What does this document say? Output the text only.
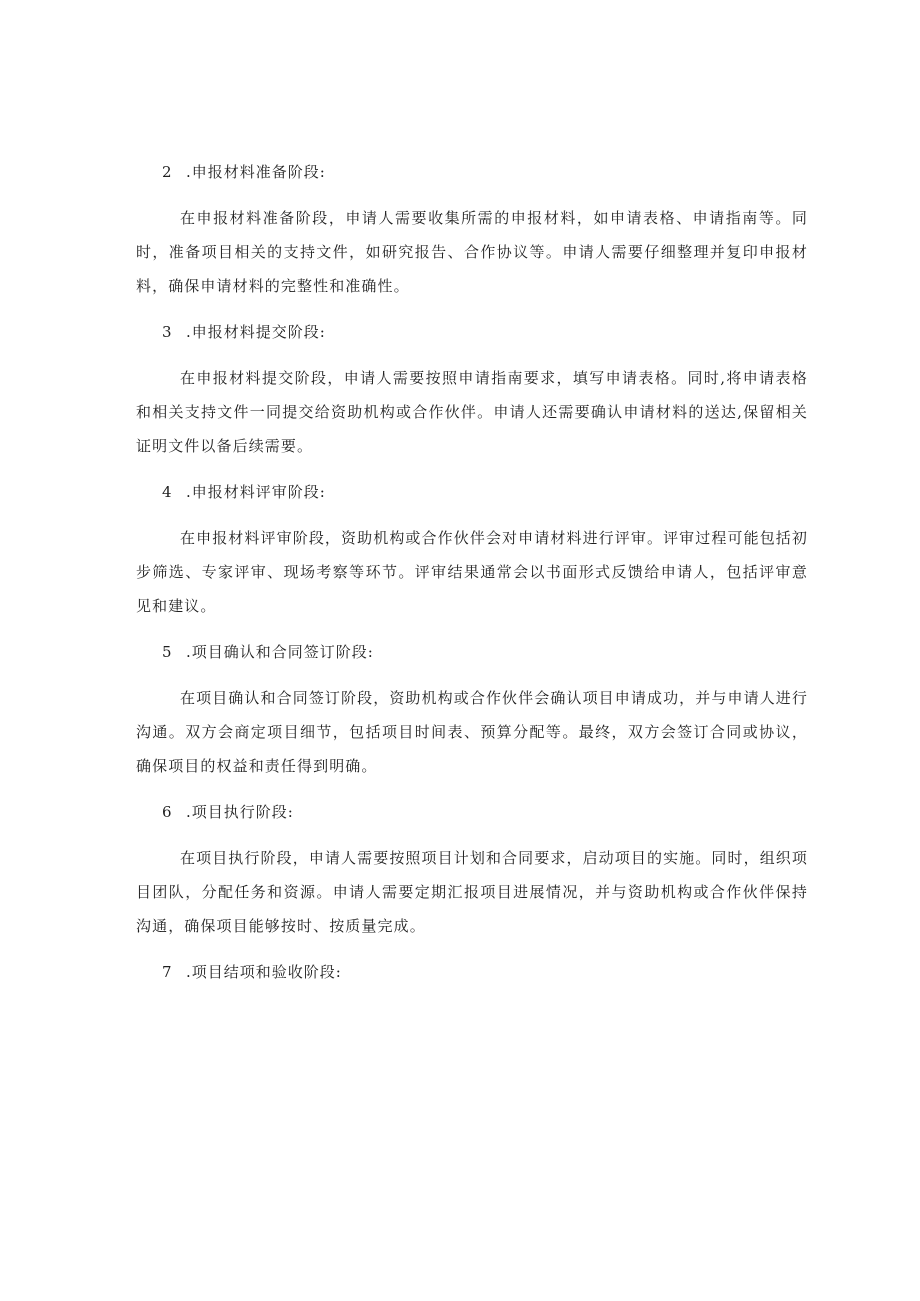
2 .申报材料准备阶段:

在申报材料准备阶段，申请人需要收集所需的申报材料，如申请表格、申请指南等。同时，准备项目相关的支持文件，如研究报告、合作协议等。申请人需要仔细整理并复印申报材料，确保申请材料的完整性和准确性。

3 .申报材料提交阶段:

在申报材料提交阶段，申请人需要按照申请指南要求，填写申请表格。同时,将申请表格和相关支持文件一同提交给资助机构或合作伙伴。申请人还需要确认申请材料的送达,保留相关证明文件以备后续需要。

4 .申报材料评审阶段:

在申报材料评审阶段，资助机构或合作伙伴会对申请材料进行评审。评审过程可能包括初步筛选、专家评审、现场考察等环节。评审结果通常会以书面形式反馈给申请人，包括评审意见和建议。

5 .项目确认和合同签订阶段:

在项目确认和合同签订阶段，资助机构或合作伙伴会确认项目申请成功，并与申请人进行沟通。双方会商定项目细节，包括项目时间表、预算分配等。最终，双方会签订合同或协议，确保项目的权益和责任得到明确。

6 .项目执行阶段:

在项目执行阶段，申请人需要按照项目计划和合同要求，启动项目的实施。同时，组织项目团队，分配任务和资源。申请人需要定期汇报项目进展情况，并与资助机构或合作伙伴保持沟通，确保项目能够按时、按质量完成。

7 .项目结项和验收阶段:
